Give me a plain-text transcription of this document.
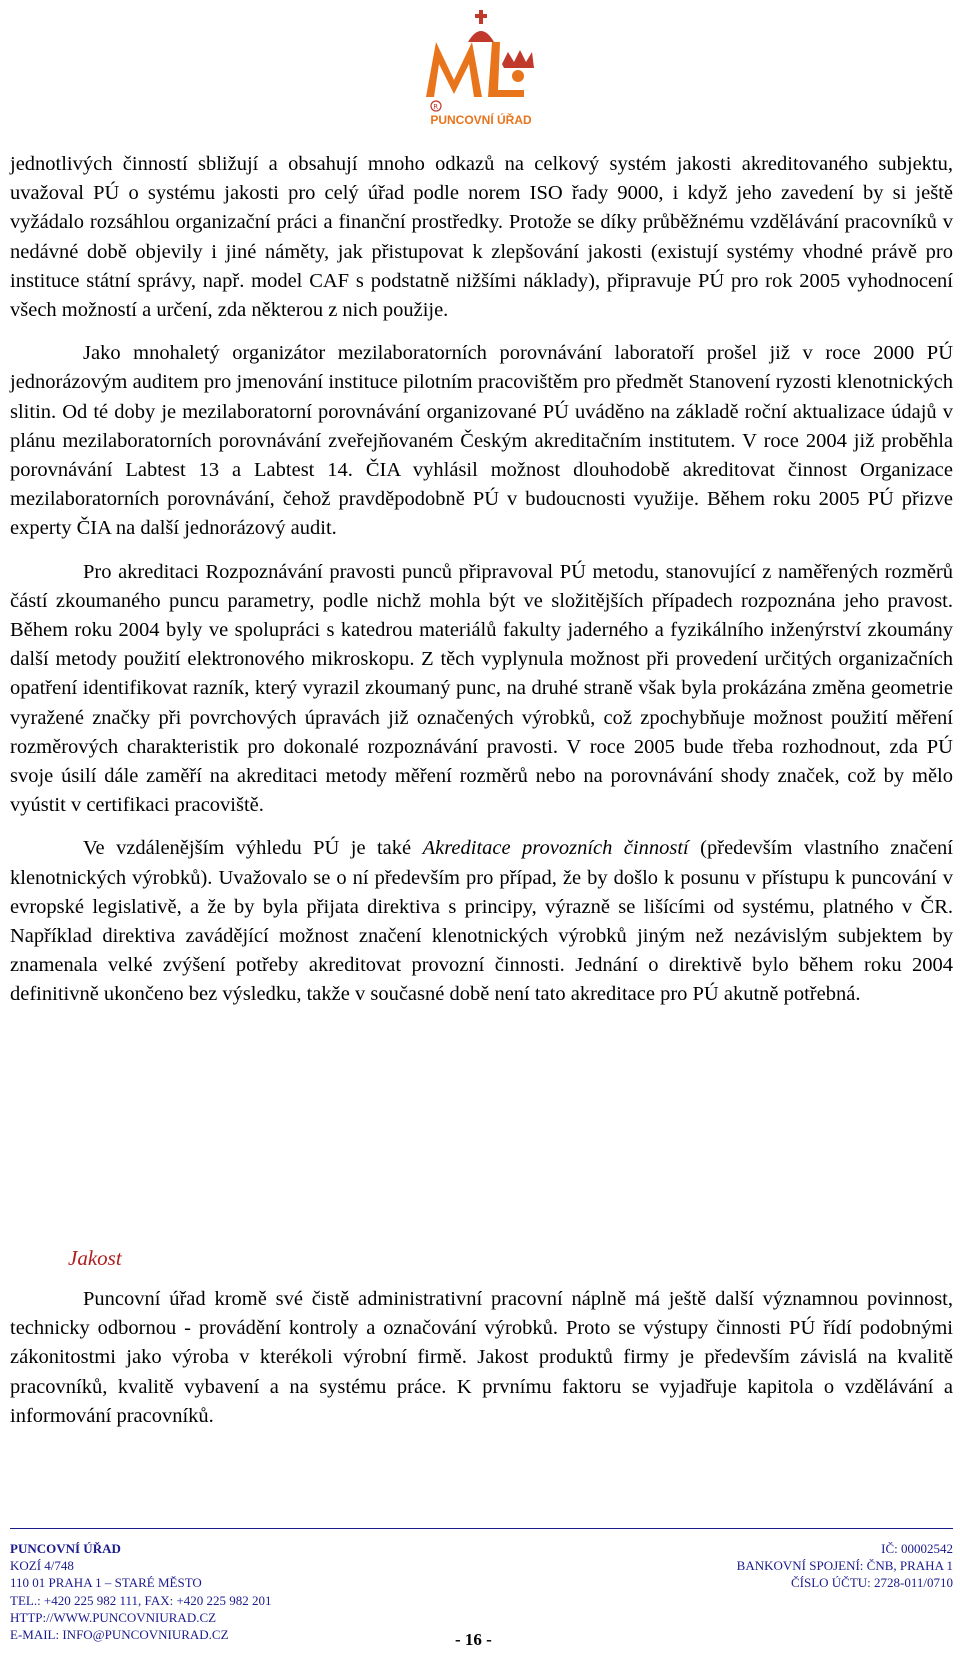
R
PUNCOVNÍ ÚŘAD

jednotlivých činností sbližují a obsahují mnoho odkazů na celkový systém jakosti akreditovaného subjektu, uvažoval PÚ o systému jakosti pro celý úřad podle norem ISO řady 9000, i když jeho zavedení by si ještě vyžádalo rozsáhlou organizační práci a finanční prostředky. Protože se díky průběžnému vzdělávání pracovníků v nedávné době objevily i jiné náměty, jak přistupovat k zlepšování jakosti (existují systémy vhodné právě pro instituce státní správy, např. model CAF s podstatně nižšími náklady), připravuje PÚ pro rok 2005 vyhodnocení všech možností a určení, zda některou z nich použije.

Jako mnohaletý organizátor mezilaboratorních porovnávání laboratoří prošel již v roce 2000 PÚ jednorázovým auditem pro jmenování instituce pilotním pracovištěm pro předmět Stanovení ryzosti klenotnických slitin. Od té doby je mezilaboratorní porovnávání organizované PÚ uváděno na základě roční aktualizace údajů v plánu mezilaboratorních porovnávání zveřejňovaném Českým akreditačním institutem. V roce 2004 již proběhla porovnávání Labtest 13 a Labtest 14. ČIA vyhlásil možnost dlouhodobě akreditovat činnost Organizace mezilaboratorních porovnávání, čehož pravděpodobně PÚ v budoucnosti využije. Během roku 2005 PÚ přizve experty ČIA na další jednorázový audit.

Pro akreditaci Rozpoznávání pravosti punců připravoval PÚ metodu, stanovující z naměřených rozměrů částí zkoumaného puncu parametry, podle nichž mohla být ve složitějších případech rozpoznána jeho pravost. Během roku 2004 byly ve spolupráci s katedrou materiálů fakulty jaderného a fyzikálního inženýrství zkoumány další metody použití elektronového mikroskopu. Z těch vyplynula možnost při provedení určitých organizačních opatření identifikovat razník, který vyrazil zkoumaný punc, na druhé straně však byla prokázána změna geometrie vyražené značky při povrchových úpravách již označených výrobků, což zpochybňuje možnost použití měření rozměrových charakteristik pro dokonalé rozpoznávání pravosti. V roce 2005 bude třeba rozhodnout, zda PÚ svoje úsilí dále zaměří na akreditaci metody měření rozměrů nebo na porovnávání shody značek, což by mělo vyústit v certifikaci pracoviště.

Ve vzdálenějším výhledu PÚ je také Akreditace provozních činností (především vlastního značení klenotnických výrobků). Uvažovalo se o ní především pro případ, že by došlo k posunu v přístupu k puncování v evropské legislativě, a že by byla přijata direktiva s principy, výrazně se lišícími od systému, platného v ČR. Například direktiva zavádějící možnost značení klenotnických výrobků jiným než nezávislým subjektem by znamenala velké zvýšení potřeby akreditovat provozní činnosti. Jednání o direktivě bylo během roku 2004 definitivně ukončeno bez výsledku, takže v současné době není tato akreditace pro PÚ akutně potřebná.

Jakost

Puncovní úřad kromě své čistě administrativní pracovní náplně má ještě další významnou povinnost, technicky odbornou - provádění kontroly a označování výrobků. Proto se výstupy činnosti PÚ řídí podobnými zákonitostmi jako výroba v kterékoli výrobní firmě. Jakost produktů firmy je především závislá na kvalitě pracovníků, kvalitě vybavení a na systému práce. K prvnímu faktoru se vyjadřuje kapitola o vzdělávání a informování pracovníků.

PUNCOVNÍ ÚŘAD
KOZÍ 4/748
110 01 PRAHA 1 – STARÉ MĚSTO
TEL.: +420 225 982 111, FAX: +420 225 982 201
HTTP://WWW.PUNCOVNIURAD.CZ
E-MAIL: INFO@PUNCOVNIURAD.CZ
IČ: 00002542
BANKOVNÍ SPOJENÍ: ČNB, PRAHA 1
ČÍSLO ÚČTU: 2728-011/0710
- 16 -
